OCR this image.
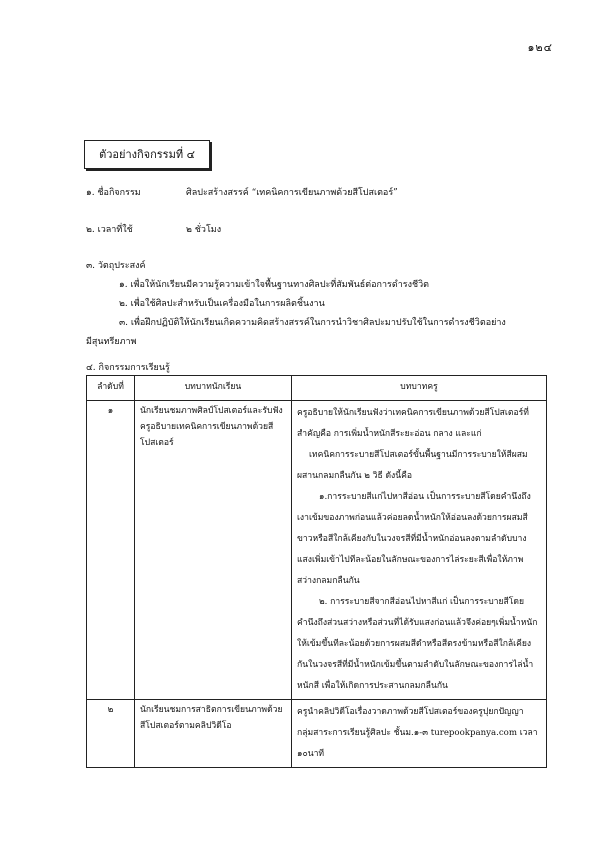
๑๒๔
ตัวอย่างกิจกรรมที่ ๔
๑. ชื่อกิจกรรม	ศิลปะสร้างสรรค์ “เทคนิคการเขียนภาพด้วยสีโปสเตอร์”
๒. เวลาที่ใช้	๒ ชั่วโมง
๓. วัตถุประสงค์
๑. เพื่อให้นักเรียนมีความรู้ความเข้าใจพื้นฐานทางศิลปะที่สัมพันธ์ต่อการดำรงชีวิต
๒. เพื่อใช้ศิลปะสำหรับเป็นเครื่องมือในการผลิตชิ้นงาน
๓. เพื่อฝึกปฏิบัติให้นักเรียนเกิดความคิดสร้างสรรค์ในการนำวิชาศิลปะมาปรับใช้ในการดำรงชีวิตอย่าง
มีสุนทรียภาพ
๔. กิจกรรมการเรียนรู้
ลำดับที่	บทบาทนักเรียน	บทบาทครู
๑	นักเรียนชมภาพศิลป์โปสเตอร์และรับฟังครูอธิบายเทคนิคการเขียนภาพด้วยสีโปสเตอร์	ครูอธิบายให้นักเรียนฟังว่าเทคนิคการเขียนภาพด้วยสีโปสเตอร์ที่สำคัญคือ การเพิ่มน้ำหนักสีระยะอ่อน กลาง และแก่

เทคนิคการระบายสีโปสเตอร์ขั้นพื้นฐานมีการระบายให้สีผสมผสานกลมกลืนกัน ๒ วิธี ดังนี้คือ

๑.การระบายสีแก่ไปหาสีอ่อน เป็นการระบายสีโดยคำนึงถึงเงาเข้มของภาพก่อนแล้วค่อยลดน้ำหนักให้อ่อนลงด้วยการผสมสีขาวหรือสีใกล้เคียงกับในวงจรสีที่มีน้ำหนักอ่อนลงตามลำดับบางแสงเพิ่มเข้าไปทีละน้อยในลักษณะของการไล่ระยะสีเพื่อให้ภาพสว่างกลมกลืนกัน

๒. การระบายสีจากสีอ่อนไปหาสีแก่ เป็นการระบายสีโดยคำนึงถึงส่วนสว่างหรือส่วนที่ได้รับแสงก่อนแล้วจึงค่อยๆเพิ่มน้ำหนักให้เข้มขึ้นทีละน้อยด้วยการผสมสีดำหรือสีตรงข้ามหรือสีใกล้เคียงกันในวงจรสีที่มีน้ำหนักเข้มขึ้นตามลำดับในลักษณะของการไล่น้ำหนักสี เพื่อให้เกิดการประสานกลมกลืนกัน

๒	นักเรียนชมการสาธิตการเขียนภาพด้วยสีโปสเตอร์ตามคลิปวิดีโอ	ครูนำคลิปวิดีโอเรื่องวาดภาพด้วยสีโปสเตอร์ของครูปุยกปัญญา กลุ่มสาระการเรียนรู้ศิลปะ ชั้นม.๑-๓ turepookpanya.com เวลา ๑๐นาที
